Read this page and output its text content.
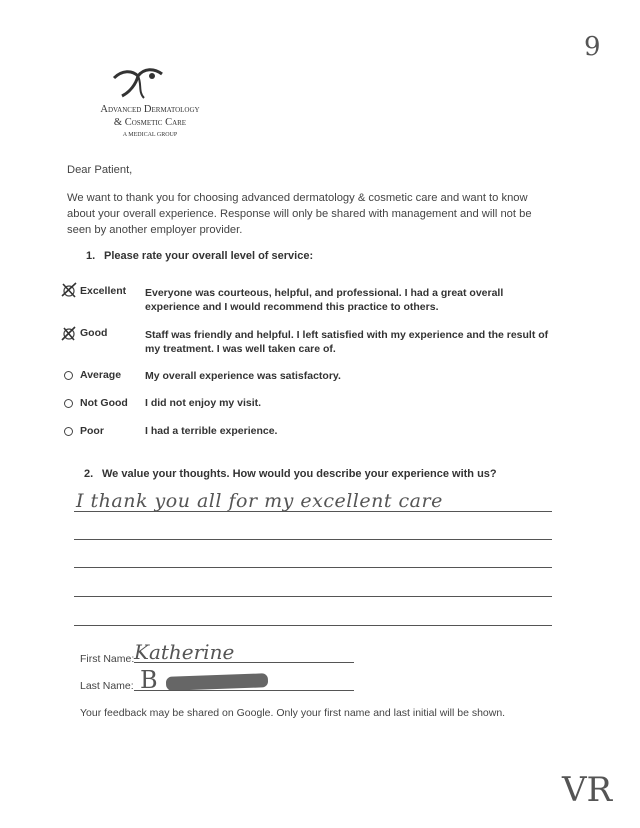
9
Advanced Dermatology
& Cosmetic Care
A MEDICAL GROUP
Dear Patient,
We want to thank you for choosing advanced dermatology & cosmetic care and want to know about your overall experience. Response will only be shared with management and will not be seen by another employer provider.
1. Please rate your overall level of service:
Excellent Everyone was courteous, helpful, and professional. I had a great overall experience and I would recommend this practice to others.
Good	Staff was friendly and helpful. I left satisfied with my experience and the result of my treatment. I was well taken care of.
Average My overall experience was satisfactory.
Not Good I did not enjoy my visit.
Poor	I had a terrible experience.
2. We value your thoughts. How would you describe your experience with us?
I thank you all for my excellent care
First Name: Katherine
Last Name: B
Your feedback may be shared on Google. Only your first name and last initial will be shown.
VR
